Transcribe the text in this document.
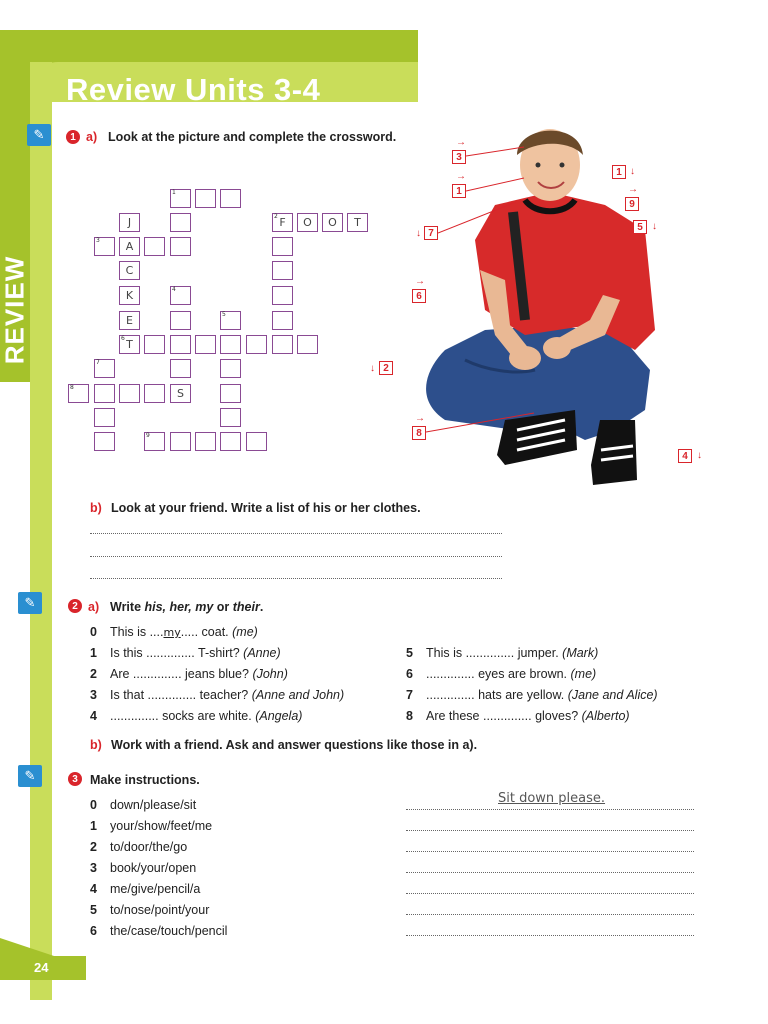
Review Units 3-4
REVIEW
24
✎	1 a) Look at the picture and complete the crossword.
1
J	2 F O O T
3 A
C
K	4
E	5
6 T
7
8	S
9
→
3
1 ↓
→
1	→
9
↓ 7
5 ↓
→
6
↓ 2
→
8
4 ↓
b) Look at your friend. Write a list of his or her clothes.
✎	2 a) Write his, her, my or their.
0 This is ....my..... coat. (me)
1 Is this .............. T-shirt? (Anne)
2 Are .............. jeans blue? (John)
3 Is that .............. teacher? (Anne and John)
4 .............. socks are white. (Angela)
5 This is .............. jumper. (Mark)
6 .............. eyes are brown. (me)
7 .............. hats are yellow. (Jane and Alice)
8 Are these .............. gloves? (Alberto)
b) Work with a friend. Ask and answer questions like those in a).
✎	3 Make instructions.
0 down/please/sit	Sit down please.
1 your/show/feet/me
2 to/door/the/go
3 book/your/open
4 me/give/pencil/a
5 to/nose/point/your
6 the/case/touch/pencil
